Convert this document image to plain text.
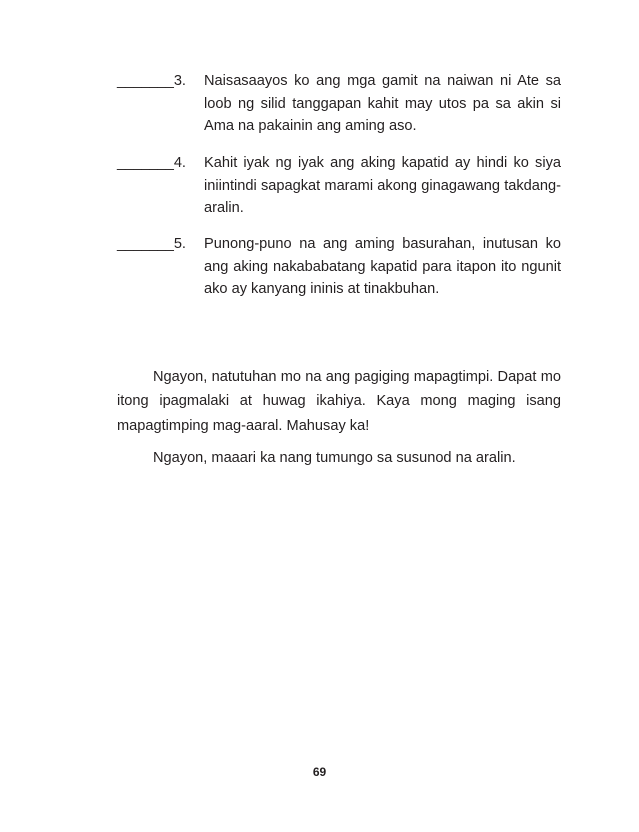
_______3. Naisasaayos ko ang mga gamit na naiwan ni Ate sa loob ng silid tanggapan kahit may utos pa sa akin si Ama na pakainin ang aming aso.
_______4. Kahit iyak ng iyak ang aking kapatid ay hindi ko siya iniintindi sapagkat marami akong ginagawang takdang-aralin.
_______5. Punong-puno na ang aming basurahan, inutusan ko ang aking nakababatang kapatid para itapon ito ngunit ako ay kanyang ininis at tinakbuhan.

Ngayon, natutuhan mo na ang pagiging mapagtimpi. Dapat mo itong ipagmalaki at huwag ikahiya. Kaya mong maging isang mapagtimping mag-aaral. Mahusay ka!

Ngayon, maaari ka nang tumungo sa susunod na aralin.

69
